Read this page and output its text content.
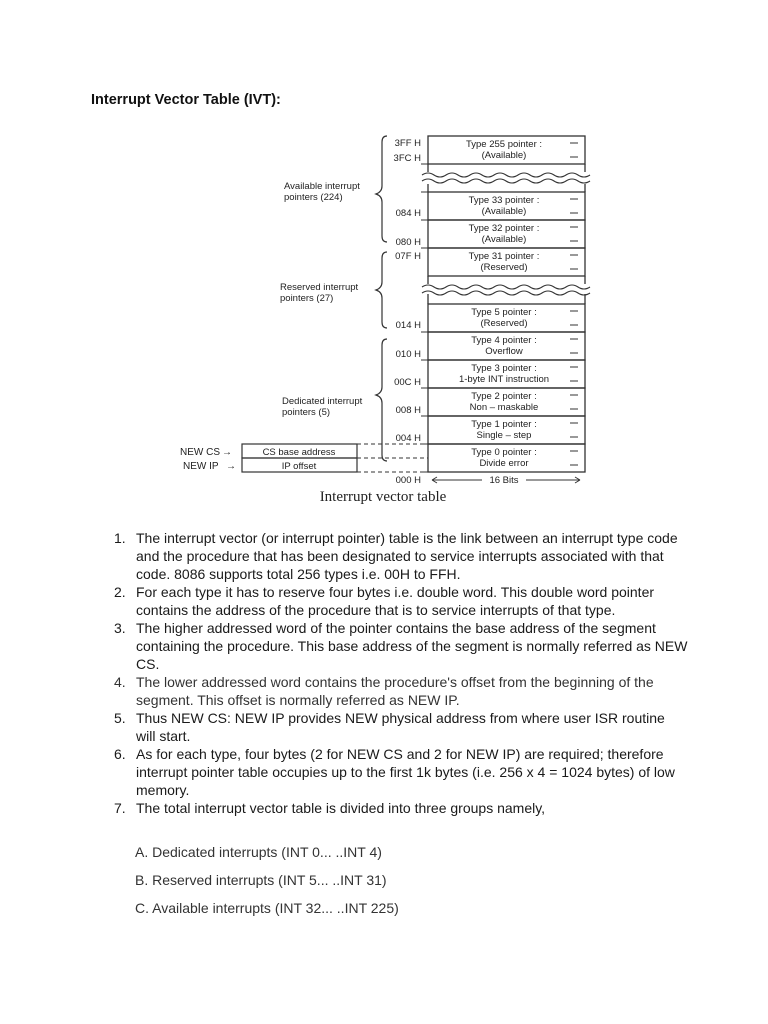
Interrupt Vector Table (IVT):
Type 255 pointer :
(Available)
Type 33 pointer :
(Available)
Type 32 pointer :
(Available)
Type 31 pointer :
(Reserved)
Type 5 pointer :
(Reserved)
Type 4 pointer :
Overflow
Type 3 pointer :
1-byte INT instruction
Type 2 pointer :
Non – maskable
Type 1 pointer :
Single – step
Type 0 pointer :
Divide error
3FF H
3FC H
084 H
080 H
07F H
014 H
010 H
00C H
008 H
004 H
000 H
Available interrupt
pointers (224)
Reserved interrupt
pointers (27)
Dedicated interrupt
pointers (5)
CS base address
IP offset
NEW CS →
NEW IP →
16 Bits
Interrupt vector table
1. The interrupt vector (or interrupt pointer) table is the link between an interrupt type code and the procedure that has been designated to service interrupts associated with that code. 8086 supports total 256 types i.e. 00H to FFH.
2. For each type it has to reserve four bytes i.e. double word. This double word pointer contains the address of the procedure that is to service interrupts of that type.
3. The higher addressed word of the pointer contains the base address of the segment containing the procedure. This base address of the segment is normally referred as NEW CS.
4. The lower addressed word contains the procedure's offset from the beginning of the segment. This offset is normally referred as NEW IP.
5. Thus NEW CS: NEW IP provides NEW physical address from where user ISR routine will start.
6. As for each type, four bytes (2 for NEW CS and 2 for NEW IP) are required; therefore interrupt pointer table occupies up to the first 1k bytes (i.e. 256 x 4 = 1024 bytes) of low memory.
7. The total interrupt vector table is divided into three groups namely,
A. Dedicated interrupts (INT 0... ..INT 4)
B. Reserved interrupts (INT 5... ..INT 31)
C. Available interrupts (INT 32... ..INT 225)
